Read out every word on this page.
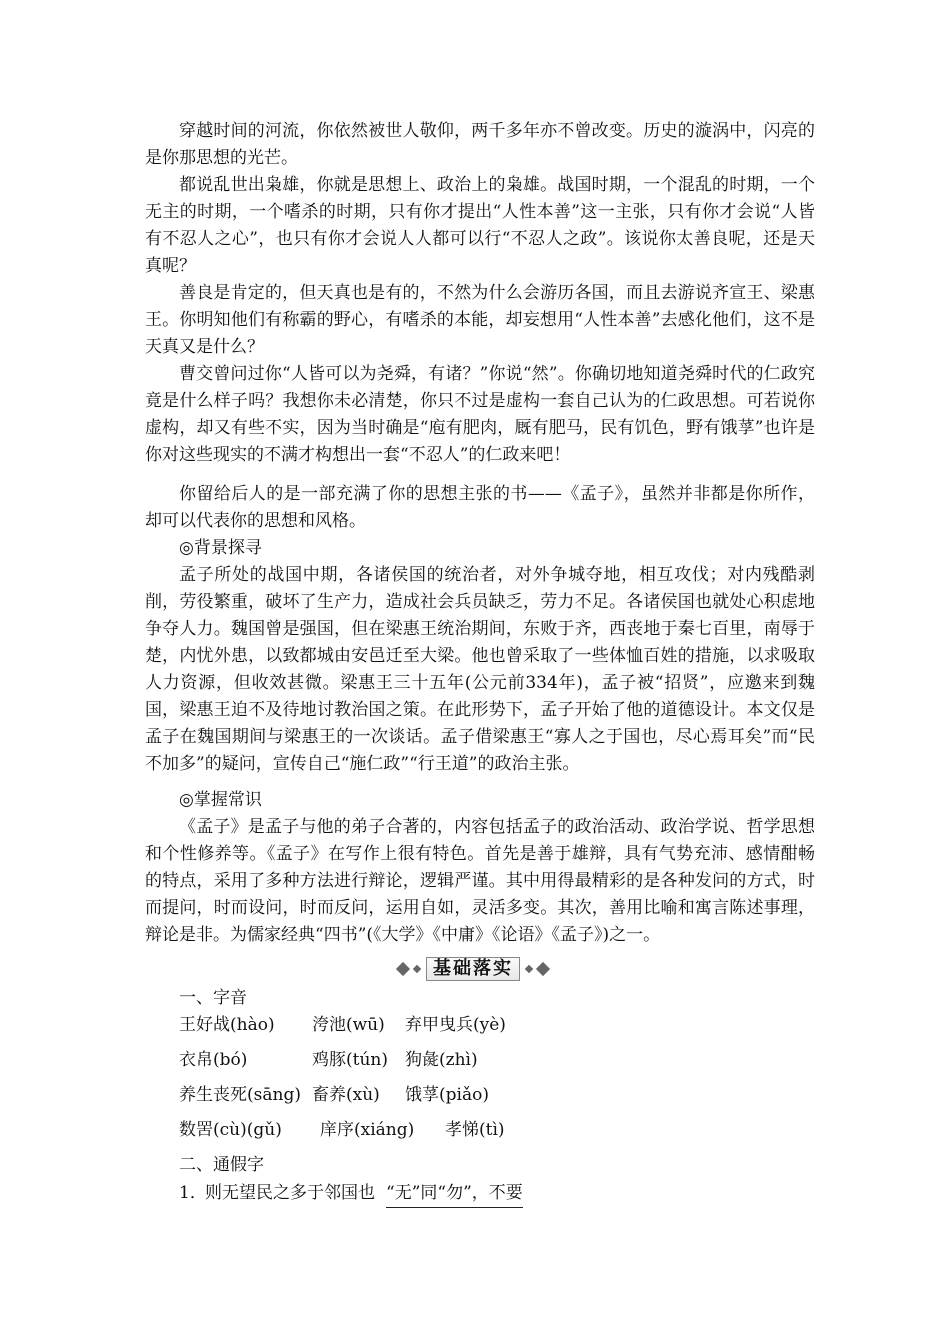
穿越时间的河流，你依然被世人敬仰，两千多年亦不曾改变。历史的漩涡中，闪亮的是你那思想的光芒。

都说乱世出枭雄，你就是思想上、政治上的枭雄。战国时期，一个混乱的时期，一个无主的时期，一个嗜杀的时期，只有你才提出“人性本善”这一主张，只有你才会说“人皆有不忍人之心”，也只有你才会说人人都可以行“不忍人之政”。该说你太善良呢，还是天真呢？

善良是肯定的，但天真也是有的，不然为什么会游历各国，而且去游说齐宣王、梁惠王。你明知他们有称霸的野心，有嗜杀的本能，却妄想用“人性本善”去感化他们，这不是天真又是什么？

曹交曾问过你“人皆可以为尧舜，有诸？”你说“然”。你确切地知道尧舜时代的仁政究竟是什么样子吗？我想你未必清楚，你只不过是虚构一套自己认为的仁政思想。可若说你虚构，却又有些不实，因为当时确是“庖有肥肉，厩有肥马，民有饥色，野有饿莩”也许是你对这些现实的不满才构想出一套“不忍人”的仁政来吧！

你留给后人的是一部充满了你的思想主张的书——《孟子》，虽然并非都是你所作，却可以代表你的思想和风格。

◎背景探寻

孟子所处的战国中期，各诸侯国的统治者，对外争城夺地，相互攻伐；对内残酷剥削，劳役繁重，破坏了生产力，造成社会兵员缺乏，劳力不足。各诸侯国也就处心积虑地争夺人力。魏国曾是强国，但在梁惠王统治期间，东败于齐，西丧地于秦七百里，南辱于楚，内忧外患，以致都城由安邑迁至大梁。他也曾采取了一些体恤百姓的措施，以求吸取人力资源，但收效甚微。梁惠王三十五年(公元前334年)，孟子被“招贤”，应邀来到魏国，梁惠王迫不及待地讨教治国之策。在此形势下，孟子开始了他的道德设计。本文仅是孟子在魏国期间与梁惠王的一次谈话。孟子借梁惠王“寡人之于国也，尽心焉耳矣”而“民不加多”的疑问，宣传自己“施仁政”“行王道”的政治主张。

◎掌握常识

《孟子》是孟子与他的弟子合著的，内容包括孟子的政治活动、政治学说、哲学思想和个性修养等。《孟子》在写作上很有特色。首先是善于雄辩，具有气势充沛、感情酣畅的特点，采用了多种方法进行辩论，逻辑严谨。其中用得最精彩的是各种发问的方式，时而提问，时而设问，时而反问，运用自如，灵活多变。其次，善用比喻和寓言陈述事理，辩论是非。为儒家经典“四书”(《大学》《中庸》《论语》《孟子》)之一。

基础落实

一、字音

王好战(hào) 洿池(wū) 弃甲曳兵(yè)
衣帛(bó)	鸡豚(tún) 狗彘(zhì)
养生丧死(sāng) 畜养(xù) 饿莩(piǎo)
数罟(cù)(gǔ) 庠序(xiáng) 孝悌(tì)

二、通假字

1．
则无望民之多于邻国也 “无”同“勿”，不要
